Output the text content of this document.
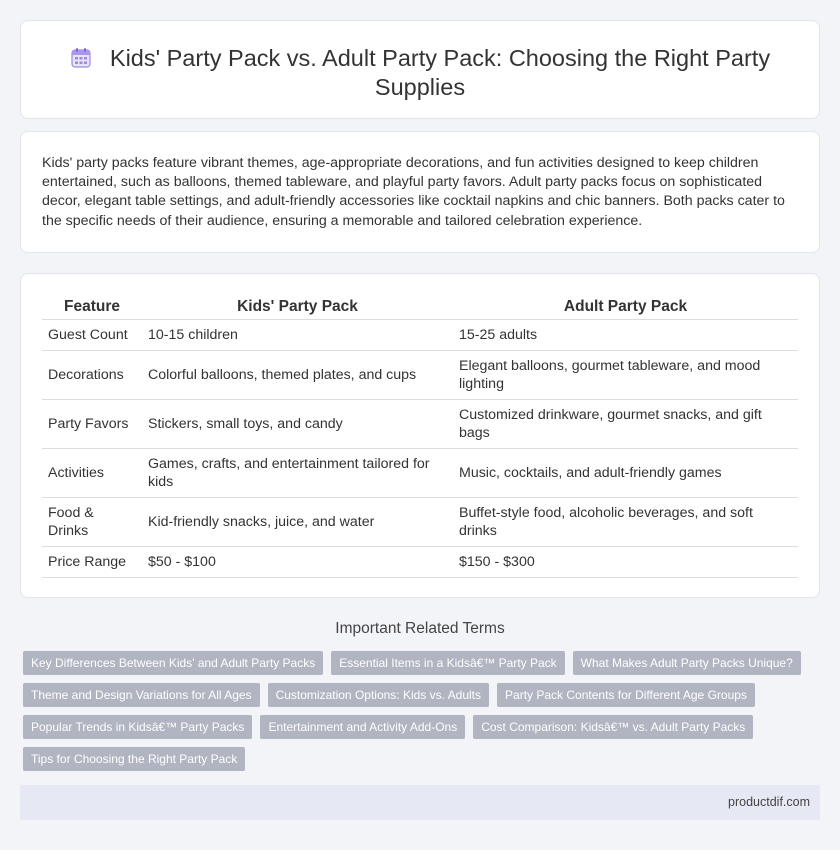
Kids' Party Pack vs. Adult Party Pack: Choosing the Right Party Supplies

Kids' party packs feature vibrant themes, age-appropriate decorations, and fun activities designed to keep children entertained, such as balloons, themed tableware, and playful party favors. Adult party packs focus on sophisticated decor, elegant table settings, and adult-friendly accessories like cocktail napkins and chic banners. Both packs cater to the specific needs of their audience, ensuring a memorable and tailored celebration experience.

Feature	Kids' Party Pack	Adult Party Pack
Guest Count	10-15 children	15-25 adults
Decorations	Colorful balloons, themed plates, and cups	Elegant balloons, gourmet tableware, and mood lighting
Party Favors	Stickers, small toys, and candy	Customized drinkware, gourmet snacks, and gift bags
Activities	Games, crafts, and entertainment tailored for kids	Music, cocktails, and adult-friendly games
Food & Drinks	Kid-friendly snacks, juice, and water	Buffet-style food, alcoholic beverages, and soft drinks
Price Range	$50 - $100	$150 - $300
Important Related Terms
Key Differences Between Kids' and Adult Party Packs	Essential Items in a Kidsâ€™ Party Pack	What Makes Adult Party Packs Unique?
Theme and Design Variations for All Ages	Customization Options: Kids vs. Adults	Party Pack Contents for Different Age Groups
Popular Trends in Kidsâ€™ Party Packs	Entertainment and Activity Add-Ons	Cost Comparison: Kidsâ€™ vs. Adult Party Packs
Tips for Choosing the Right Party Pack
productdif.com
